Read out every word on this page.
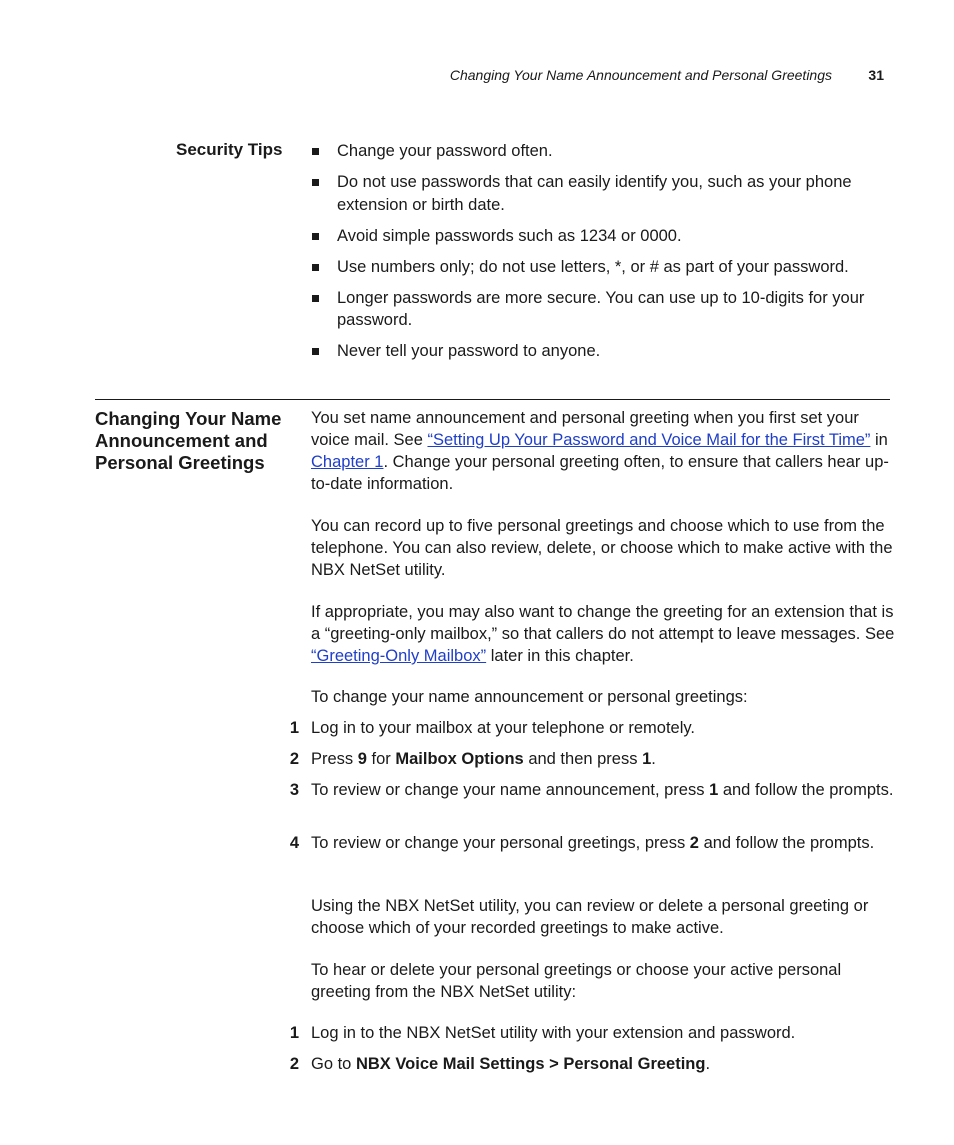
Changing Your Name Announcement and Personal Greetings	31
Security Tips	Change your password often.
Do not use passwords that can easily identify you, such as your phone extension or birth date.
Avoid simple passwords such as 1234 or 0000.
Use numbers only; do not use letters, *, or # as part of your password.
Longer passwords are more secure. You can use up to 10-digits for your password.
Never tell your password to anyone.
Changing Your Name Announcement and Personal Greetings
You set name announcement and personal greeting when you first set your voice mail. See “Setting Up Your Password and Voice Mail for the First Time” in Chapter 1. Change your personal greeting often, to ensure that callers hear up-to-date information.
You can record up to five personal greetings and choose which to use from the telephone. You can also review, delete, or choose which to make active with the NBX NetSet utility.
If appropriate, you may also want to change the greeting for an extension that is a “greeting-only mailbox,” so that callers do not attempt to leave messages. See “Greeting-Only Mailbox” later in this chapter.
To change your name announcement or personal greetings:
1 Log in to your mailbox at your telephone or remotely.
2 Press 9 for Mailbox Options and then press 1.
3 To review or change your name announcement, press 1 and follow the prompts.
4 To review or change your personal greetings, press 2 and follow the prompts.
Using the NBX NetSet utility, you can review or delete a personal greeting or choose which of your recorded greetings to make active.
To hear or delete your personal greetings or choose your active personal greeting from the NBX NetSet utility:
1 Log in to the NBX NetSet utility with your extension and password.
2 Go to NBX Voice Mail Settings > Personal Greeting.
